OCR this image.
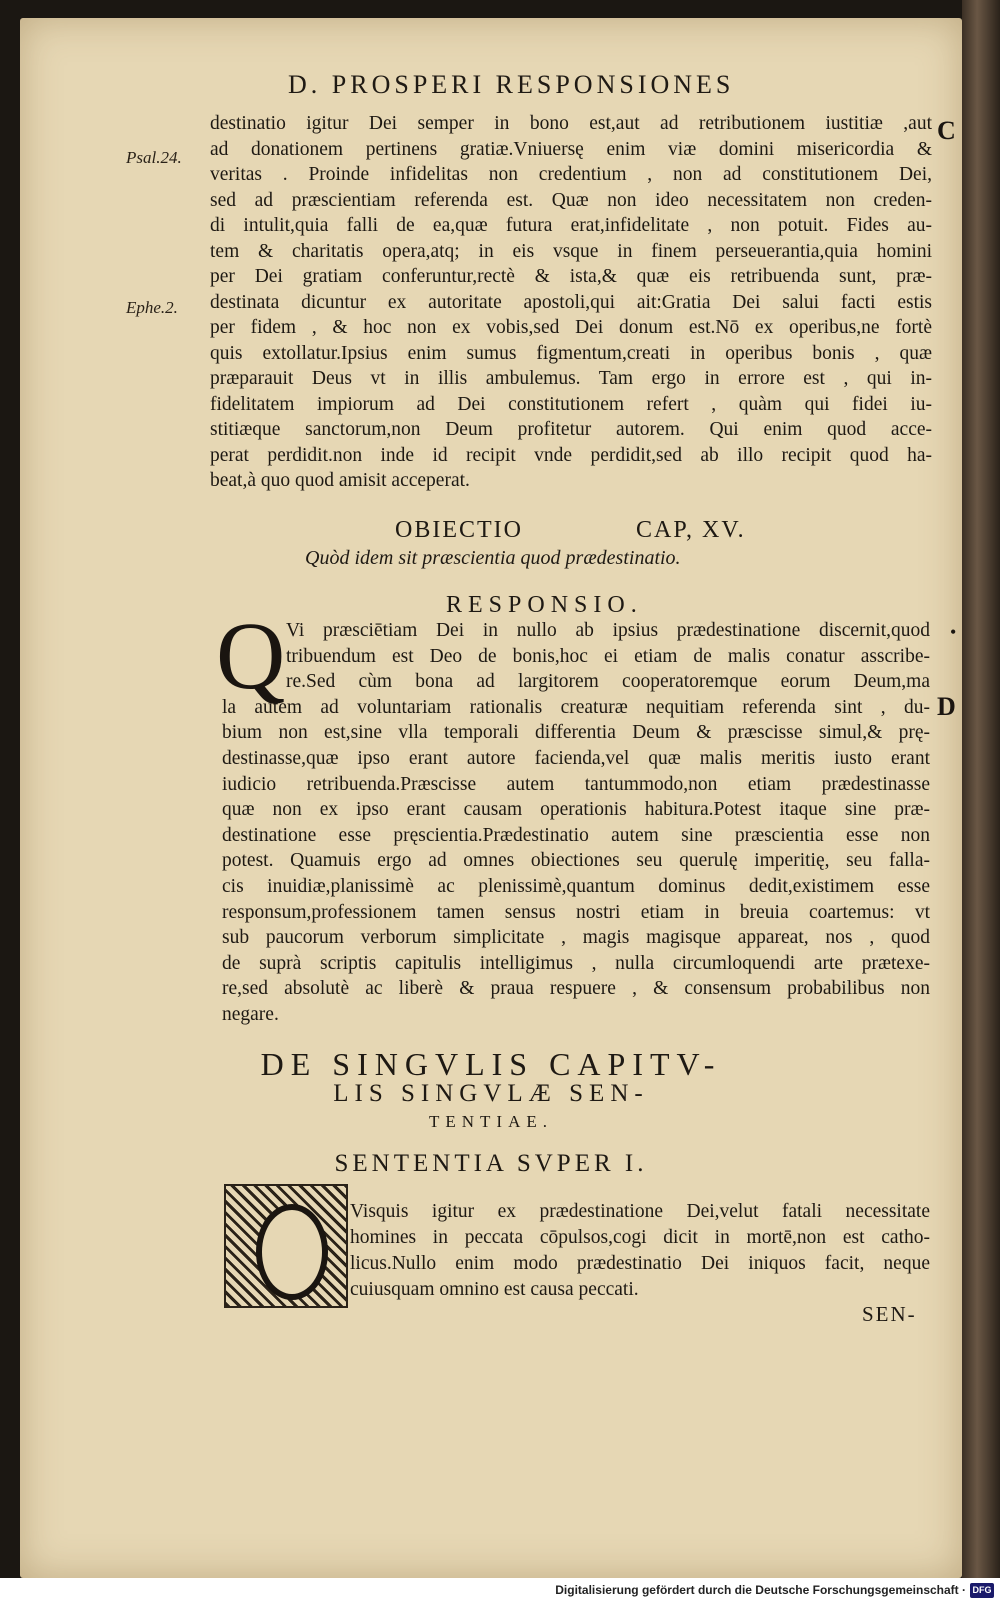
D. PROSPERI RESPONSIONES
C
D
•
Psal.24.
Ephe.2.
destinatio igitur Dei semper in bono est,aut ad retributionem iustitiæ ,aut
ad donationem pertinens gratiæ.Vniuersę enim viæ domini misericordia &
veritas . Proinde infidelitas non credentium , non ad constitutionem Dei,
sed ad præscientiam referenda est. Quæ non ideo necessitatem non creden-
di intulit,quia falli de ea,quæ futura erat,infidelitate , non potuit. Fides au-
tem & charitatis opera,atq; in eis vsque in finem perseuerantia,quia homini
per Dei gratiam conferuntur,rectè & ista,& quæ eis retribuenda sunt, præ-
destinata dicuntur ex autoritate apostoli,qui ait:Gratia Dei salui facti estis
per fidem , & hoc non ex vobis,sed Dei donum est.Nō ex operibus,ne fortè
quis extollatur.Ipsius enim sumus figmentum,creati in operibus bonis , quæ
præparauit Deus vt in illis ambulemus. Tam ergo in errore est , qui in-
fidelitatem impiorum ad Dei constitutionem refert , quàm qui fidei iu-
stitiæque sanctorum,non Deum profitetur autorem. Qui enim quod acce-
perat perdidit.non inde id recipit vnde perdidit,sed ab illo recipit quod ha-
beat,à quo quod amisit acceperat.
OBIECTIO	CAP, XV.
Quòd idem sit præscientia quod prædestinatio.
RESPONSIO.
Q Vi præsciētiam Dei in nullo ab ipsius prædestinatione discernit,quod
tribuendum est Deo de bonis,hoc ei etiam de malis conatur asscribe-
re.Sed cùm bona ad largitorem cooperatoremque eorum Deum,ma
la autem ad voluntariam rationalis creaturæ nequitiam referenda sint , du-
bium non est,sine vlla temporali differentia Deum & præscisse simul,& prę-
destinasse,quæ ipso erant autore facienda,vel quæ malis meritis iusto erant
iudicio retribuenda.Præscisse autem tantummodo,non etiam prædestinasse
quæ non ex ipso erant causam operationis habitura.Potest itaque sine præ-
destinatione esse pręscientia.Prædestinatio autem sine præscientia esse non
potest. Quamuis ergo ad omnes obiectiones seu querulę imperitię, seu falla-
cis inuidiæ,planissimè ac plenissimè,quantum dominus dedit,existimem esse
responsum,professionem tamen sensus nostri etiam in breuia coartemus: vt
sub paucorum verborum simplicitate , magis magisque appareat, nos , quod
de suprà scriptis capitulis intelligimus , nulla circumloquendi arte prætexe-
re,sed absolutè ac liberè & praua respuere , & consensum probabilibus non
negare.
DE SINGVLIS CAPITV-
LIS SINGVLÆ SEN-
TENTIAE.
SENTENTIA SVPER I.
Visquis igitur ex prædestinatione Dei,velut fatali necessitate
homines in peccata cōpulsos,cogi dicit in mortē,non est catho-
licus.Nullo enim modo prædestinatio Dei iniquos facit, neque
cuiusquam omnino est causa peccati.
SEN-
Digitalisierung gefördert durch die Deutsche Forschungsgemeinschaft · DFG
